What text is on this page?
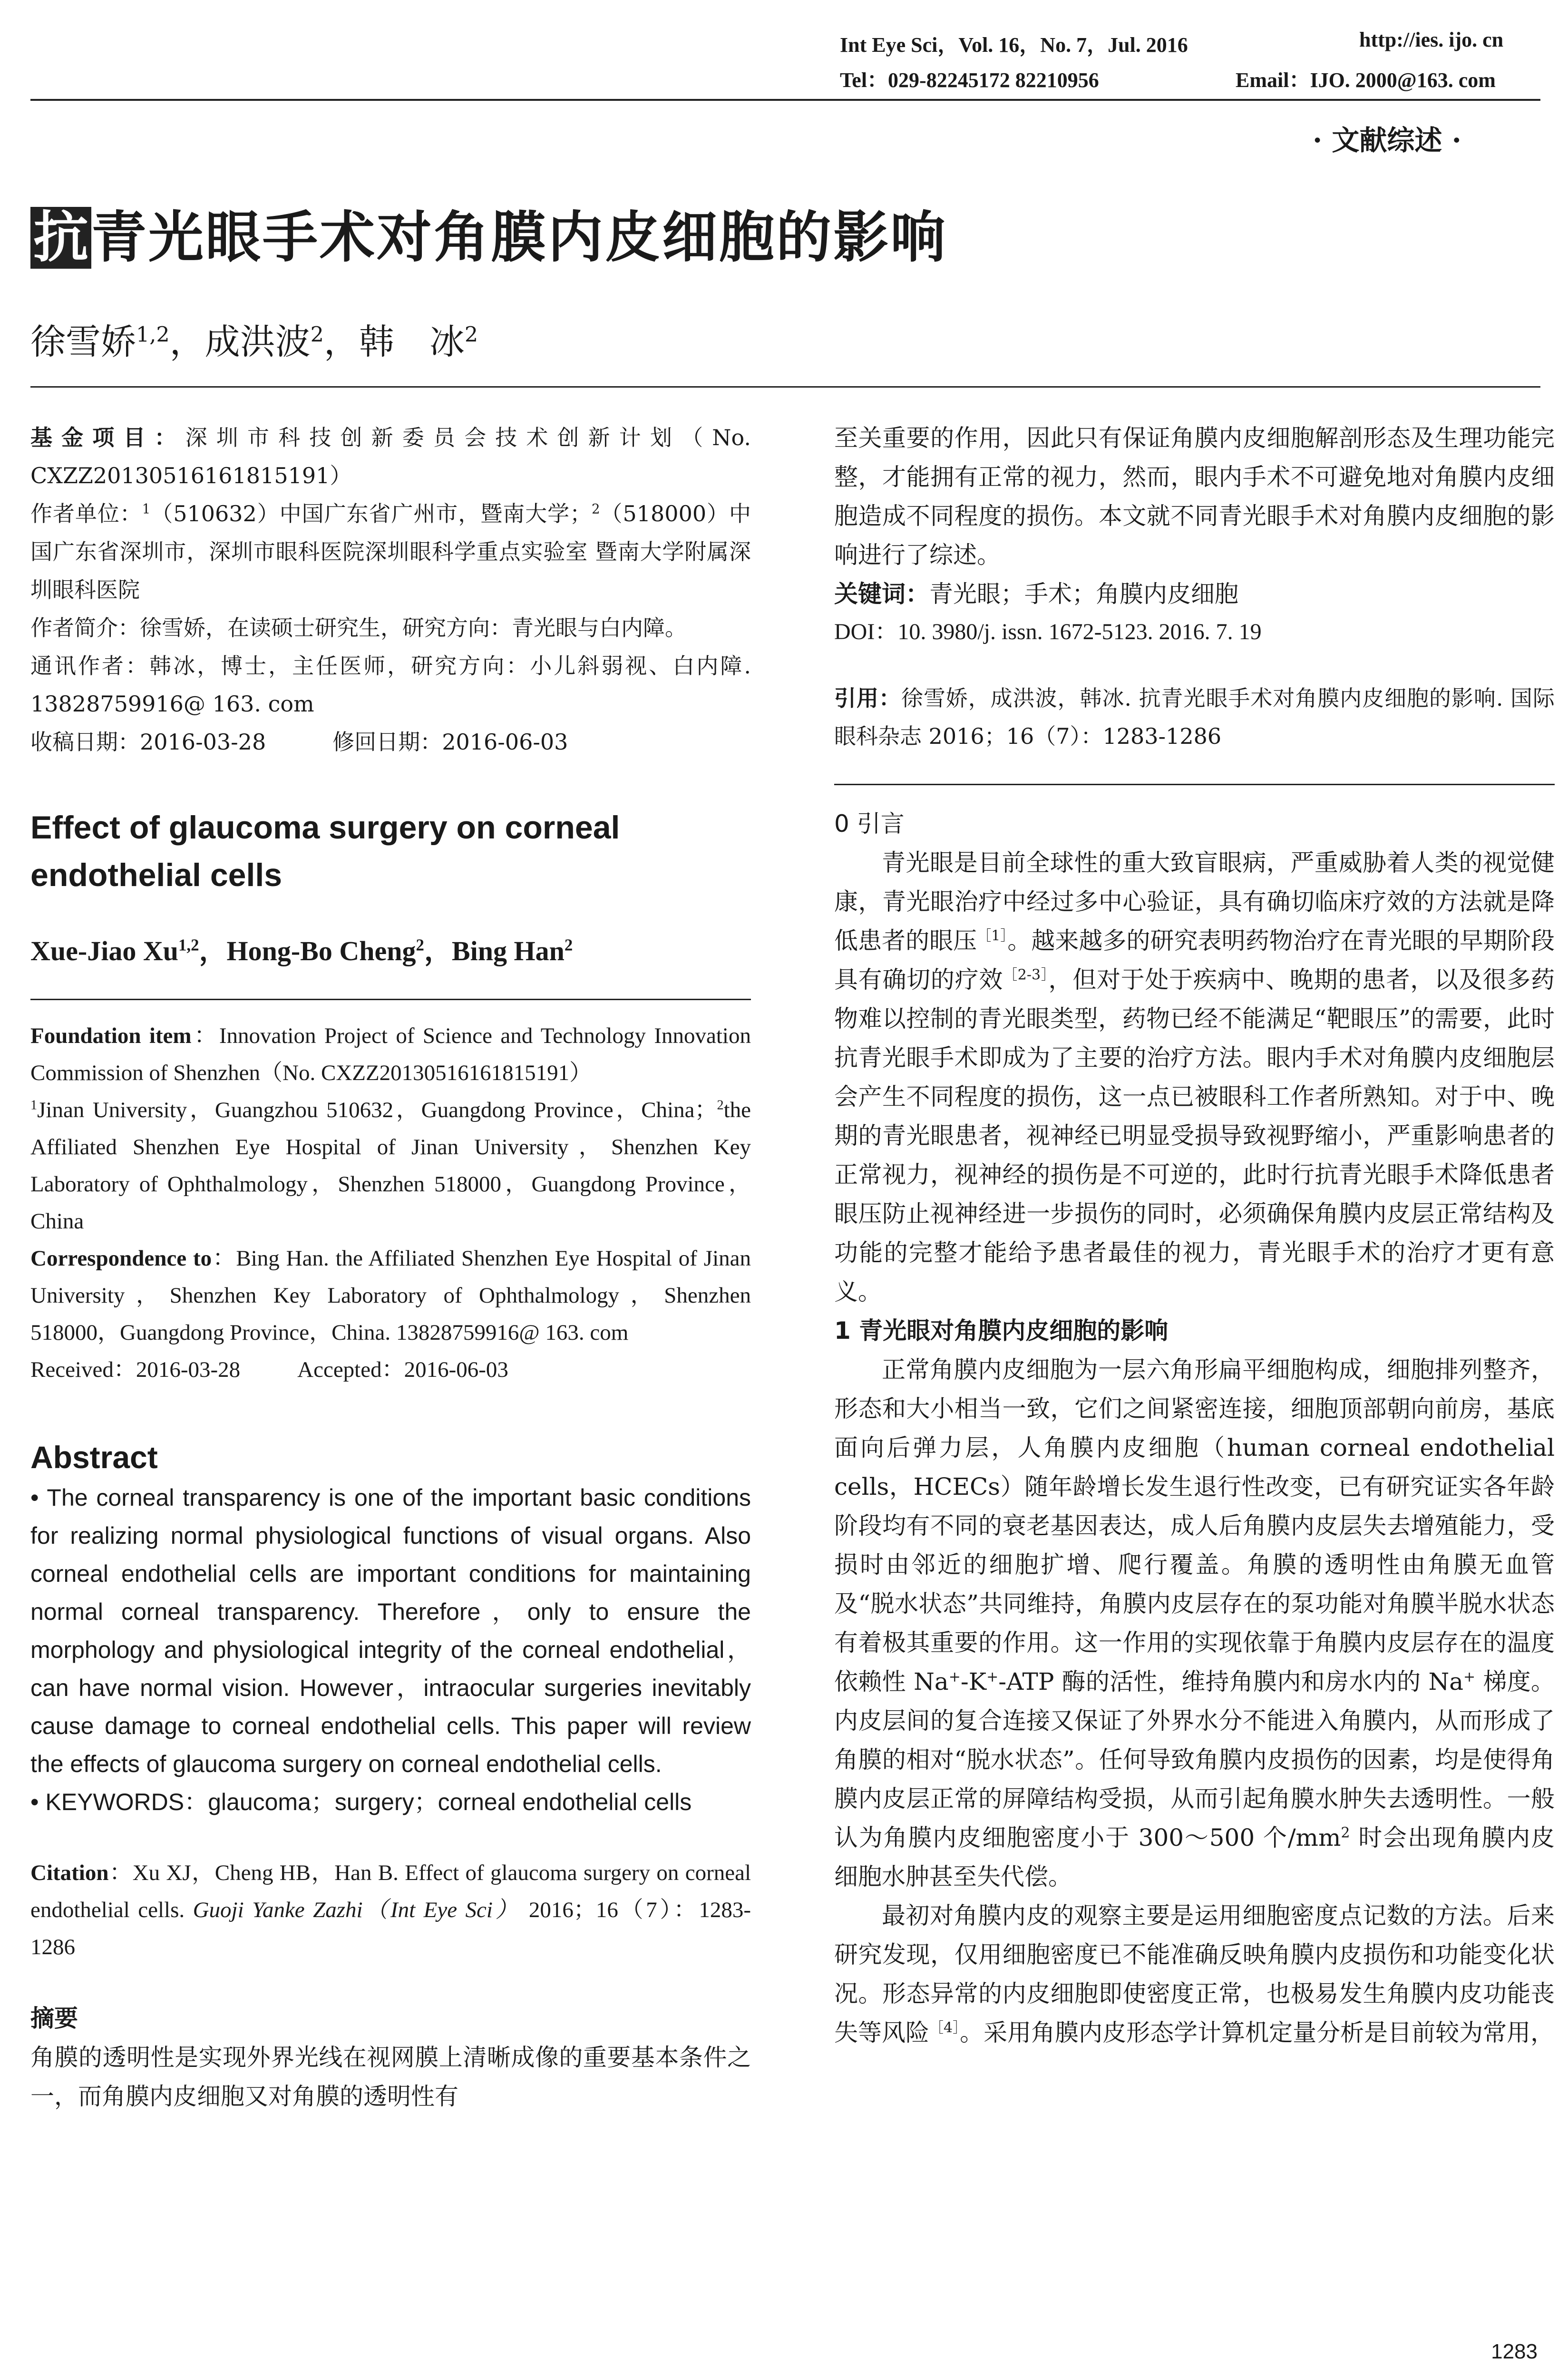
Int Eye Sci，Vol. 16，No. 7，Jul. 2016	http://ies. ijo. cn
Tel：029-82245172 82210956	Email：IJO. 2000@163. com
· 文献综述 ·
抗 青光眼手术对角膜内皮细胞的影响
徐雪娇$^{1,2}$，成洪波$^2$，韩　冰$^2$

基金项目：深圳市科技创新委员会技术创新计划（No. CXZZ20130516161815191）

作者单位：$^1$（510632）中国广东省广州市，暨南大学；$^2$（518000）中国广东省深圳市，深圳市眼科医院深圳眼科学重点实验室 暨南大学附属深圳眼科医院

作者简介：徐雪娇，在读硕士研究生，研究方向：青光眼与白内障。

通讯作者：韩冰，博士，主任医师，研究方向：小儿斜弱视、白内障. 13828759916@ 163. com

收稿日期：2016-03-28	修回日期：2016-06-03

Effect of glaucoma surgery on corneal endothelial cells
Xue-Jiao Xu$^{1,2}$，Hong-Bo Cheng$^2$，Bing Han$^2$

Foundation item：Innovation Project of Science and Technology Innovation Commission of Shenzhen（No. CXZZ20130516161815191）

$^1$Jinan University，Guangzhou 510632，Guangdong Province，China；$^2$the Affiliated Shenzhen Eye Hospital of Jinan University，Shenzhen Key Laboratory of Ophthalmology，Shenzhen 518000，Guangdong Province，China

Correspondence to：Bing Han. the Affiliated Shenzhen Eye Hospital of Jinan University，Shenzhen Key Laboratory of Ophthalmology，Shenzhen 518000，Guangdong Province，China. 13828759916@ 163. com

Received：2016-03-28	Accepted：2016-06-03

Abstract

• The corneal transparency is one of the important basic conditions for realizing normal physiological functions of visual organs. Also corneal endothelial cells are important conditions for maintaining normal corneal transparency. Therefore，only to ensure the morphology and physiological integrity of the corneal endothelial，can have normal vision. However，intraocular surgeries inevitably cause damage to corneal endothelial cells. This paper will review the effects of glaucoma surgery on corneal endothelial cells.

• KEYWORDS：glaucoma；surgery；corneal endothelial cells

Citation：Xu XJ，Cheng HB，Han B. Effect of glaucoma surgery on corneal endothelial cells. Guoji Yanke Zazhi（Int Eye Sci） 2016；16（7）：1283-1286

摘要
角膜的透明性是实现外界光线在视网膜上清晰成像的重要基本条件之一，而角膜内皮细胞又对角膜的透明性有
至关重要的作用，因此只有保证角膜内皮细胞解剖形态及生理功能完整，才能拥有正常的视力，然而，眼内手术不可避免地对角膜内皮细胞造成不同程度的损伤。本文就不同青光眼手术对角膜内皮细胞的影响进行了综述。
关键词：青光眼；手术；角膜内皮细胞
DOI：10. 3980/j. issn. 1672-5123. 2016. 7. 19
引用：徐雪娇，成洪波，韩冰. 抗青光眼手术对角膜内皮细胞的影响. 国际眼科杂志 2016；16（7）：1283-1286
0 引言
青光眼是目前全球性的重大致盲眼病，严重威胁着人类的视觉健康，青光眼治疗中经过多中心验证，具有确切临床疗效的方法就是降低患者的眼压$^{[1]}$。越来越多的研究表明药物治疗在青光眼的早期阶段具有确切的疗效$^{[2-3]}$，但对于处于疾病中、晚期的患者，以及很多药物难以控制的青光眼类型，药物已经不能满足“靶眼压”的需要，此时抗青光眼手术即成为了主要的治疗方法。眼内手术对角膜内皮细胞层会产生不同程度的损伤，这一点已被眼科工作者所熟知。对于中、晚期的青光眼患者，视神经已明显受损导致视野缩小，严重影响患者的正常视力，视神经的损伤是不可逆的，此时行抗青光眼手术降低患者眼压防止视神经进一步损伤的同时，必须确保角膜内皮层正常结构及功能的完整才能给予患者最佳的视力，青光眼手术的治疗才更有意义。
1 青光眼对角膜内皮细胞的影响
正常角膜内皮细胞为一层六角形扁平细胞构成，细胞排列整齐，形态和大小相当一致，它们之间紧密连接，细胞顶部朝向前房，基底面向后弹力层，人角膜内皮细胞（human corneal endothelial cells，HCECs）随年龄增长发生退行性改变，已有研究证实各年龄阶段均有不同的衰老基因表达，成人后角膜内皮层失去增殖能力，受损时由邻近的细胞扩增、爬行覆盖。角膜的透明性由角膜无血管及“脱水状态”共同维持，角膜内皮层存在的泵功能对角膜半脱水状态有着极其重要的作用。这一作用的实现依靠于角膜内皮层存在的温度依赖性 Na+-K+-ATP 酶的活性，维持角膜内和房水内的 Na+ 梯度。内皮层间的复合连接又保证了外界水分不能进入角膜内，从而形成了角膜的相对“脱水状态”。任何导致角膜内皮损伤的因素，均是使得角膜内皮层正常的屏障结构受损，从而引起角膜水肿失去透明性。一般认为角膜内皮细胞密度小于 300～500 个$/mm^2$ 时会出现角膜内皮细胞水肿甚至失代偿。
最初对角膜内皮的观察主要是运用细胞密度点记数的方法。后来研究发现，仅用细胞密度已不能准确反映角膜内皮损伤和功能变化状况。形态异常的内皮细胞即使密度正常，也极易发生角膜内皮功能丧失等风险$^{[4]}$。采用角膜内皮形态学计算机定量分析是目前较为常用，
1283
